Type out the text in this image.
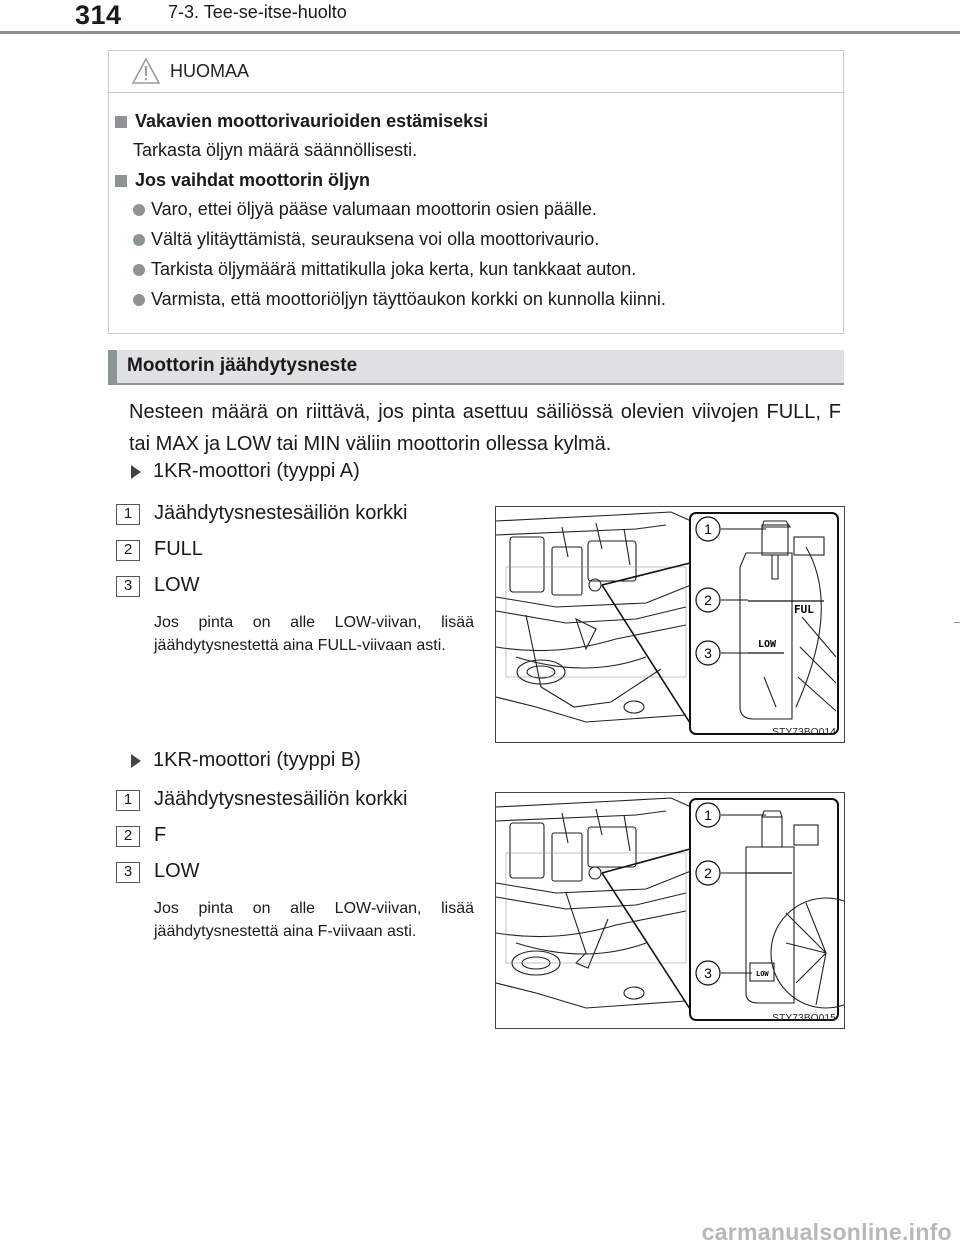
314	7-3. Tee-se-itse-huolto
HUOMAA
Vakavien moottorivaurioiden estämiseksi
Tarkasta öljyn määrä säännöllisesti.
Jos vaihdat moottorin öljyn
Varo, ettei öljyä pääse valumaan moottorin osien päälle.
Vältä ylitäyttämistä, seurauksena voi olla moottorivaurio.
Tarkista öljymäärä mittatikulla joka kerta, kun tankkaat auton.
Varmista, että moottoriöljyn täyttöaukon korkki on kunnolla kiinni.
Moottorin jäähdytysneste
Nesteen määrä on riittävä, jos pinta asettuu säiliössä olevien viivojen FULL, F tai MAX ja LOW tai MIN väliin moottorin ollessa kylmä.
1KR-moottori (tyyppi A)
1	Jäähdytysnestesäiliön korkki
2	FULL
3	LOW
Jos pinta on alle LOW-viivan, lisää jäähdytysnestettä aina FULL-viivaan asti.
FUL
LOW
1
2
3
STY73BO014
1KR-moottori (tyyppi B)
1	Jäähdytysnestesäiliön korkki
2	F
3	LOW
Jos pinta on alle LOW-viivan, lisää jäähdytysnestettä aina F-viivaan asti.
LOW
1
2
3
STY73BO015
carmanualsonline.info
